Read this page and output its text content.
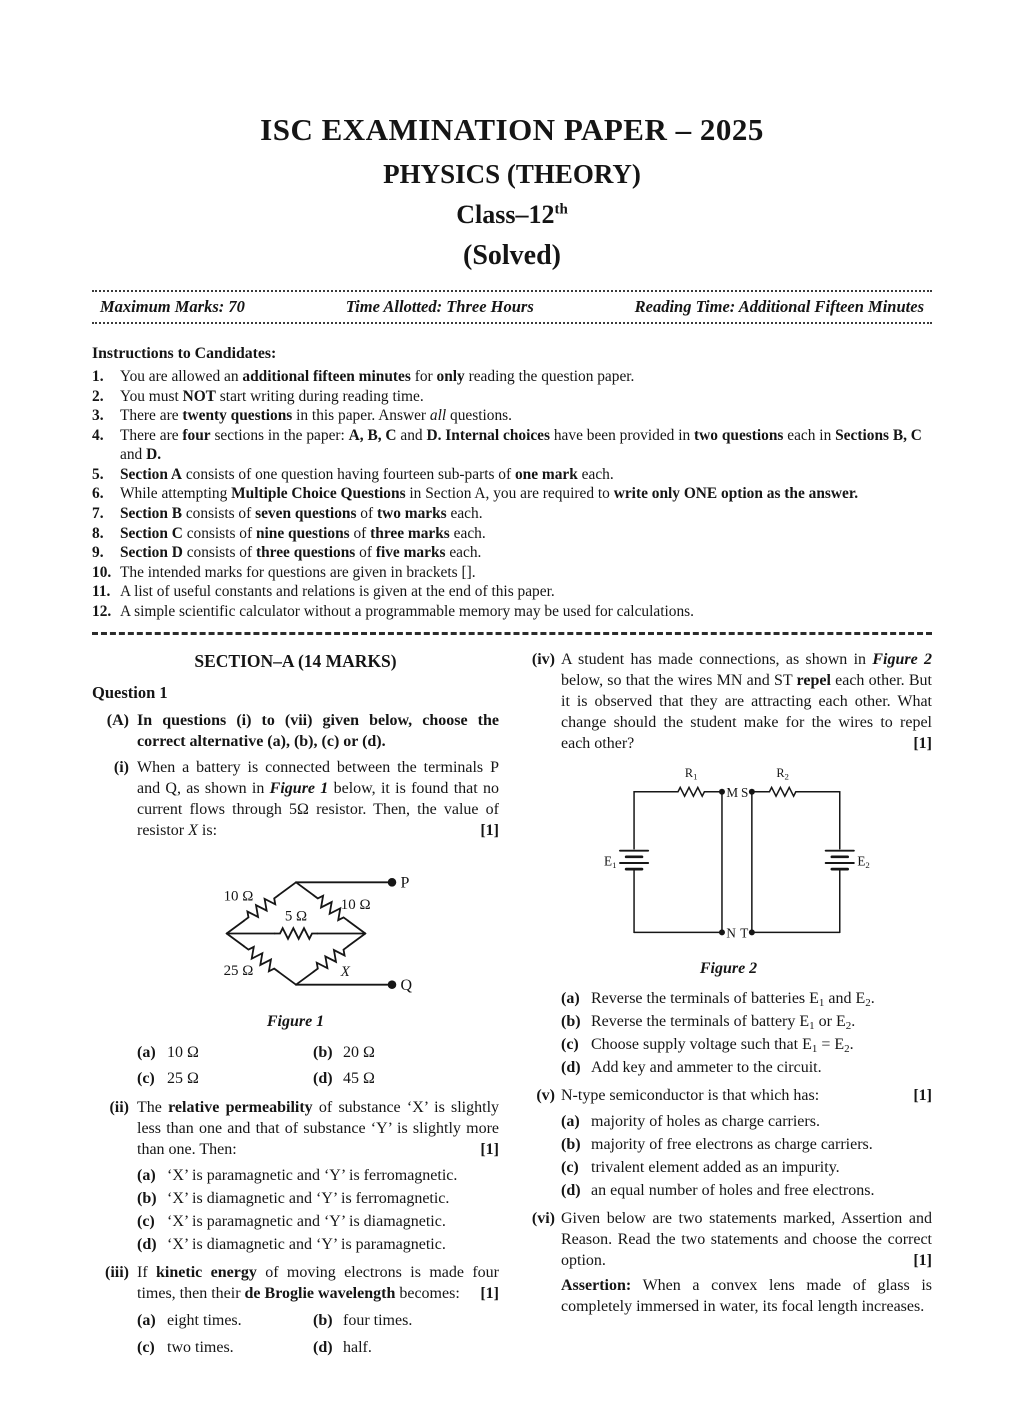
ISC EXAMINATION PAPER – 2025
PHYSICS (THEORY)
Class–12th
(Solved)
Maximum Marks: 70	Time Allotted: Three Hours	Reading Time: Additional Fifteen Minutes
Instructions to Candidates:
1.	You are allowed an additional fifteen minutes for only reading the question paper.
2.	You must NOT start writing during reading time.
3.	There are twenty questions in this paper. Answer all questions.
4.	There are four sections in the paper: A, B, C and D. Internal choices have been provided in two questions each in Sections B, C and D.
5.	Section A consists of one question having fourteen sub-parts of one mark each.
6.	While attempting Multiple Choice Questions in Section A, you are required to write only ONE option as the answer.
7.	Section B consists of seven questions of two marks each.
8.	Section C consists of nine questions of three marks each.
9.	Section D consists of three questions of five marks each.
10. The intended marks for questions are given in brackets [].
11. A list of useful constants and relations is given at the end of this paper.
12. A simple scientific calculator without a programmable memory may be used for calculations.
SECTION–A (14 MARKS)
Question 1
(A) In questions (i) to (vii) given below, choose the correct alternative (a), (b), (c) or (d).
(i) When a battery is connected between the terminals P and Q, as shown in Figure 1 below, it is found that no current flows through 5Ω resistor. Then, the value of resistor X is:	[1]
10 Ω
10 Ω
5 Ω
25 Ω	X
P
Q
Figure 1
(a) 10 Ω	(b) 20 Ω
(c) 25 Ω	(d) 45 Ω
(ii) The relative permeability of substance ‘X’ is slightly less than one and that of substance ‘Y’ is slightly more than one. Then:	[1]
(a) ‘X’ is paramagnetic and ‘Y’ is ferromagnetic.
(b) ‘X’ is diamagnetic and ‘Y’ is ferromagnetic.
(c) ‘X’ is paramagnetic and ‘Y’ is diamagnetic.
(d) ‘X’ is diamagnetic and ‘Y’ is paramagnetic.
(iii) If kinetic energy of moving electrons is made four times, then their de Broglie wavelength becomes:	[1]
(a) eight times.	(b) four times.
(c) two times.	(d) half.
(iv) A student has made connections, as shown in Figure 2 below, so that the wires MN and ST repel each other. But it is observed that they are attracting each other. What change should the student make for the wires to repel each other?	[1]
$R_1$	$R_2$
$E_1$	$E_2$
M S
N T
Figure 2
(a) Reverse the terminals of batteries $E_1$ and $E_2$.
(b) Reverse the terminals of battery $E_1$ or $E_2$.
(c) Choose supply voltage such that $E_1 = E_2$.
(d) Add key and ammeter to the circuit.
(v) N-type semiconductor is that which has:	[1]
(a) majority of holes as charge carriers.
(b) majority of free electrons as charge carriers.
(c) trivalent element added as an impurity.
(d) an equal number of holes and free electrons.
(vi) Given below are two statements marked, Assertion and Reason. Read the two statements and choose the correct option.	[1]
Assertion: When a convex lens made of glass is completely immersed in water, its focal length increases.
